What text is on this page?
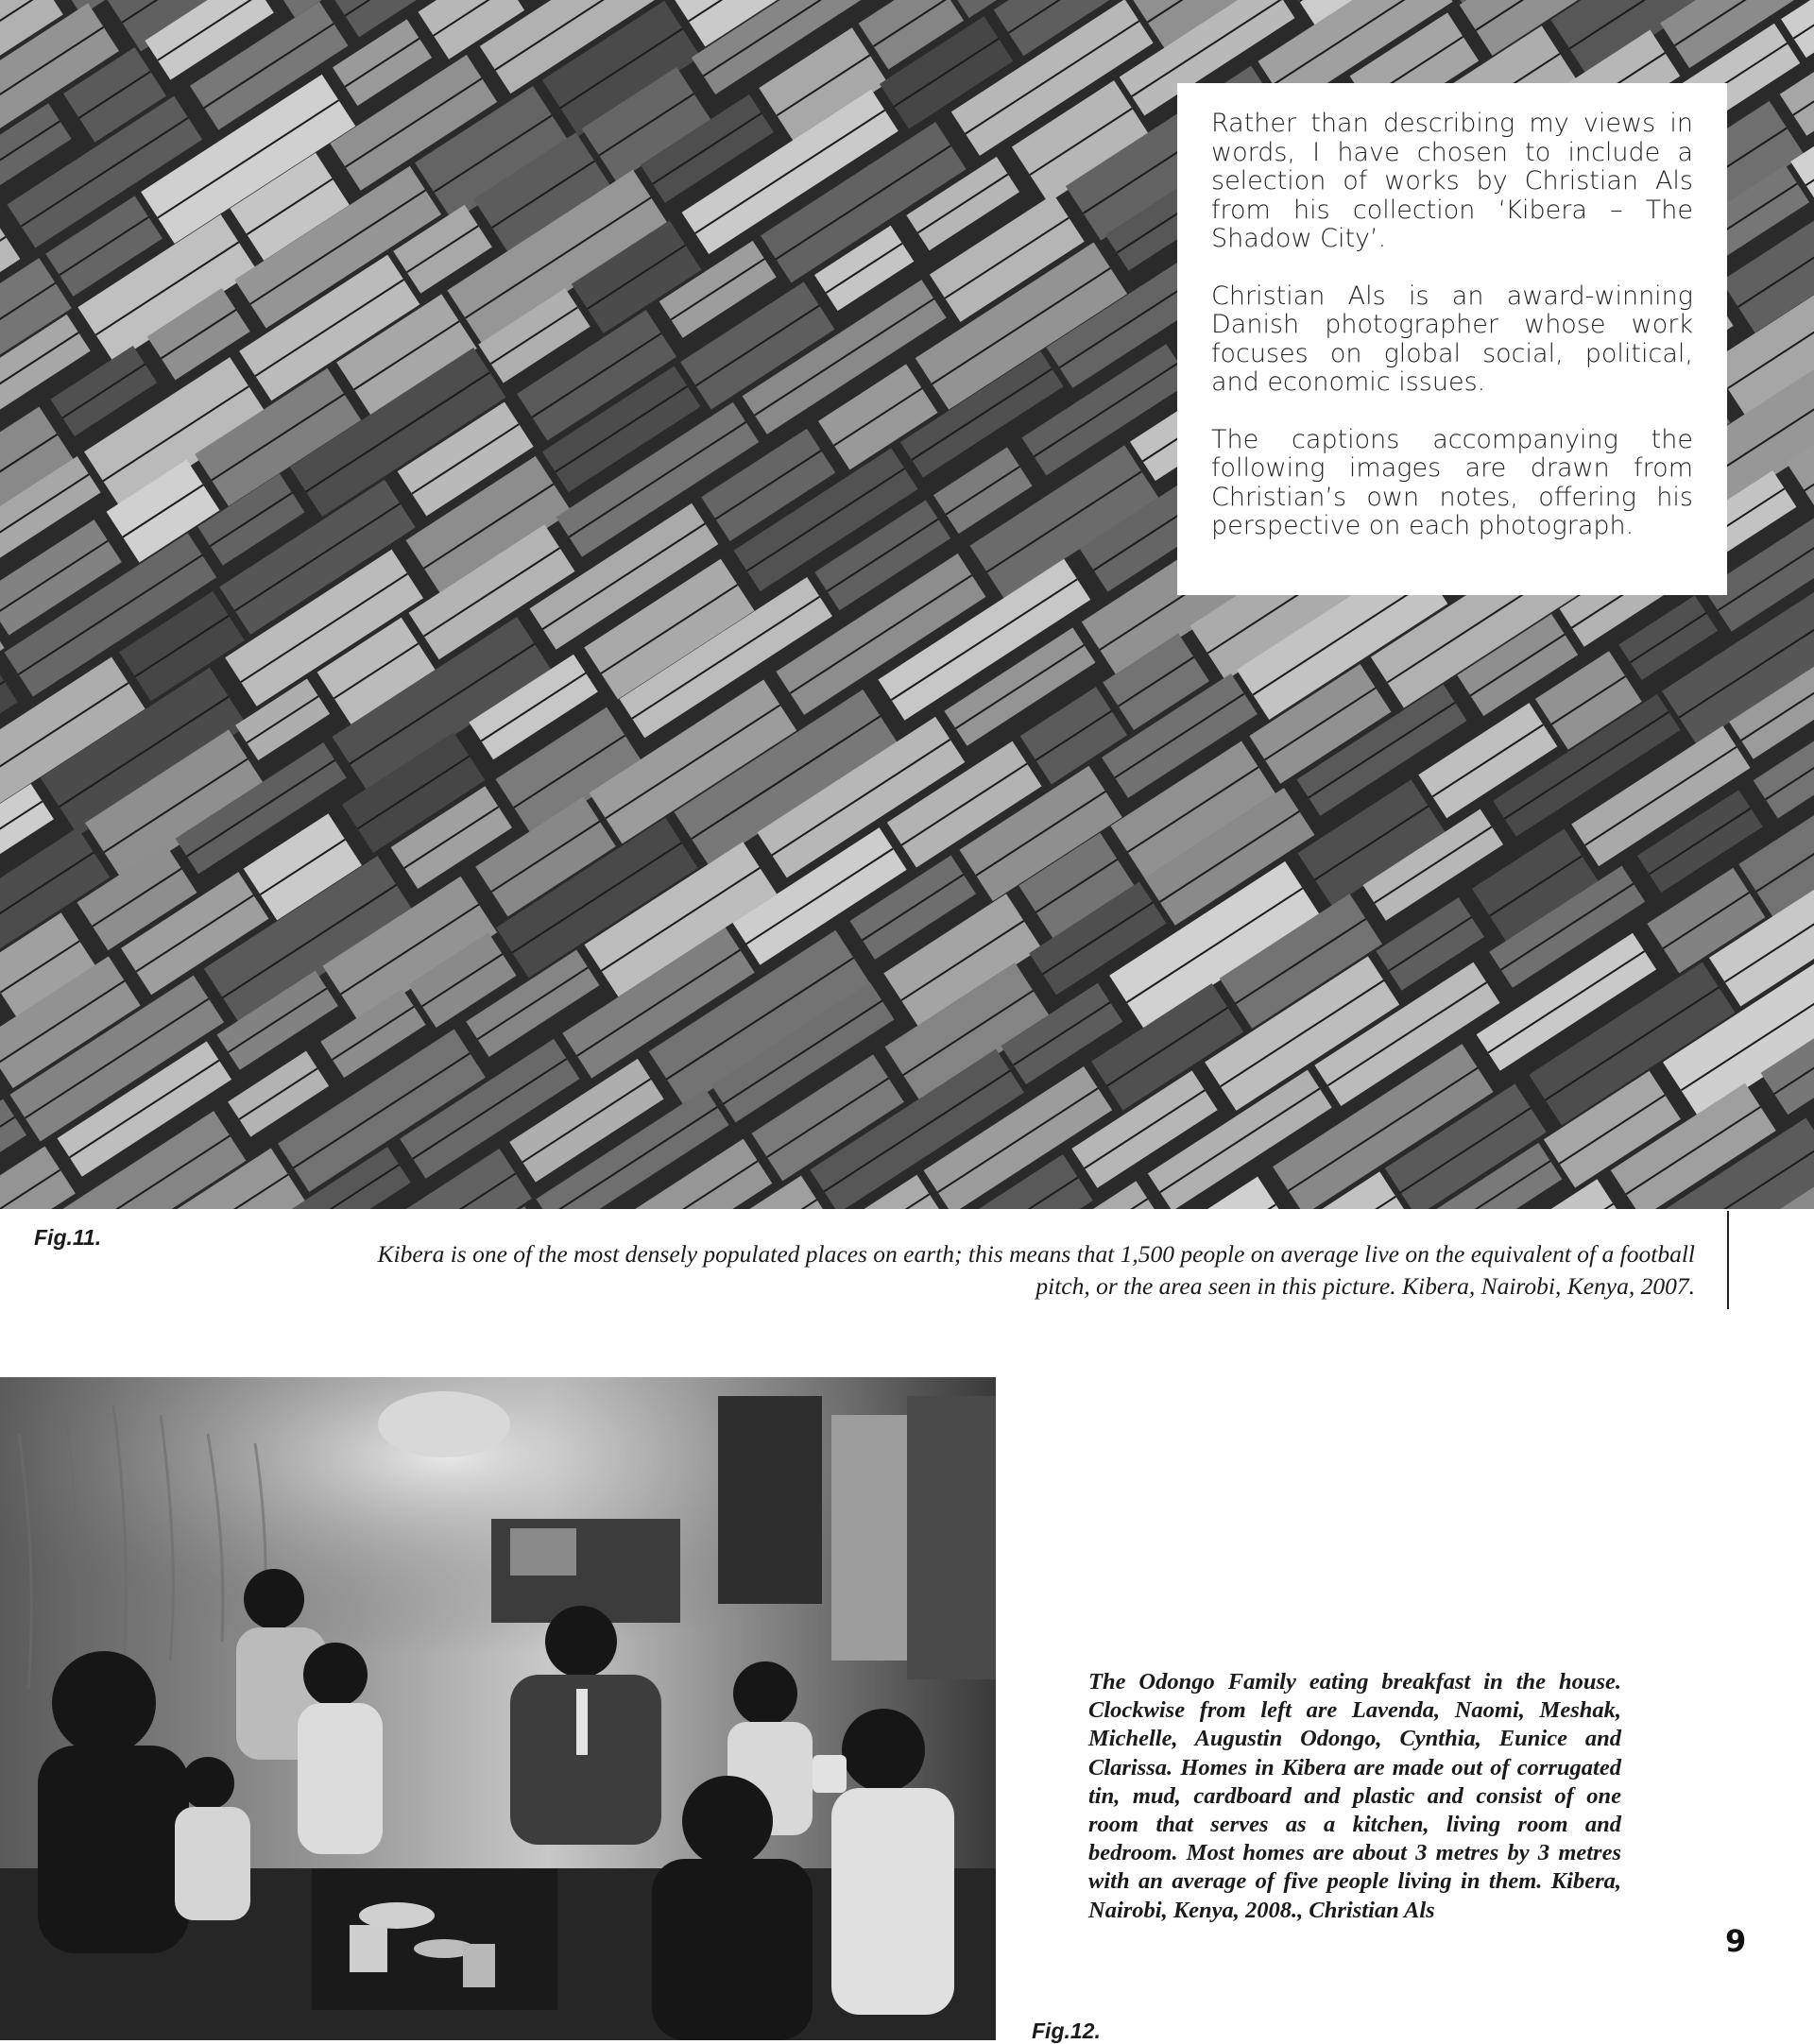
Rather than describing my views in words, I have chosen to include a selection of works by Christian Als from his collection ‘Kibera – The Shadow City’.

Christian Als is an award-winning Danish photographer whose work focuses on global social, political, and economic issues.

The captions accompanying the following images are drawn from Christian’s own notes, offering his perspective on each photograph.

Fig.11.
Kibera is one of the most densely populated places on earth; this means that 1,500 people on average live on the equivalent of a football pitch, or the area seen in this picture. Kibera, Nairobi, Kenya, 2007.
The Odongo Family eating breakfast in the house. Clockwise from left are Lavenda, Naomi, Meshak, Michelle, Augustin Odongo, Cynthia, Eunice and Clarissa. Homes in Kibera are made out of corrugated tin, mud, cardboard and plastic and consist of one room that serves as a kitchen, living room and bedroom. Most homes are about 3 metres by 3 metres with an average of five people living in them. Kibera, Nairobi, Kenya, 2008., Christian Als
Fig.12.
9
